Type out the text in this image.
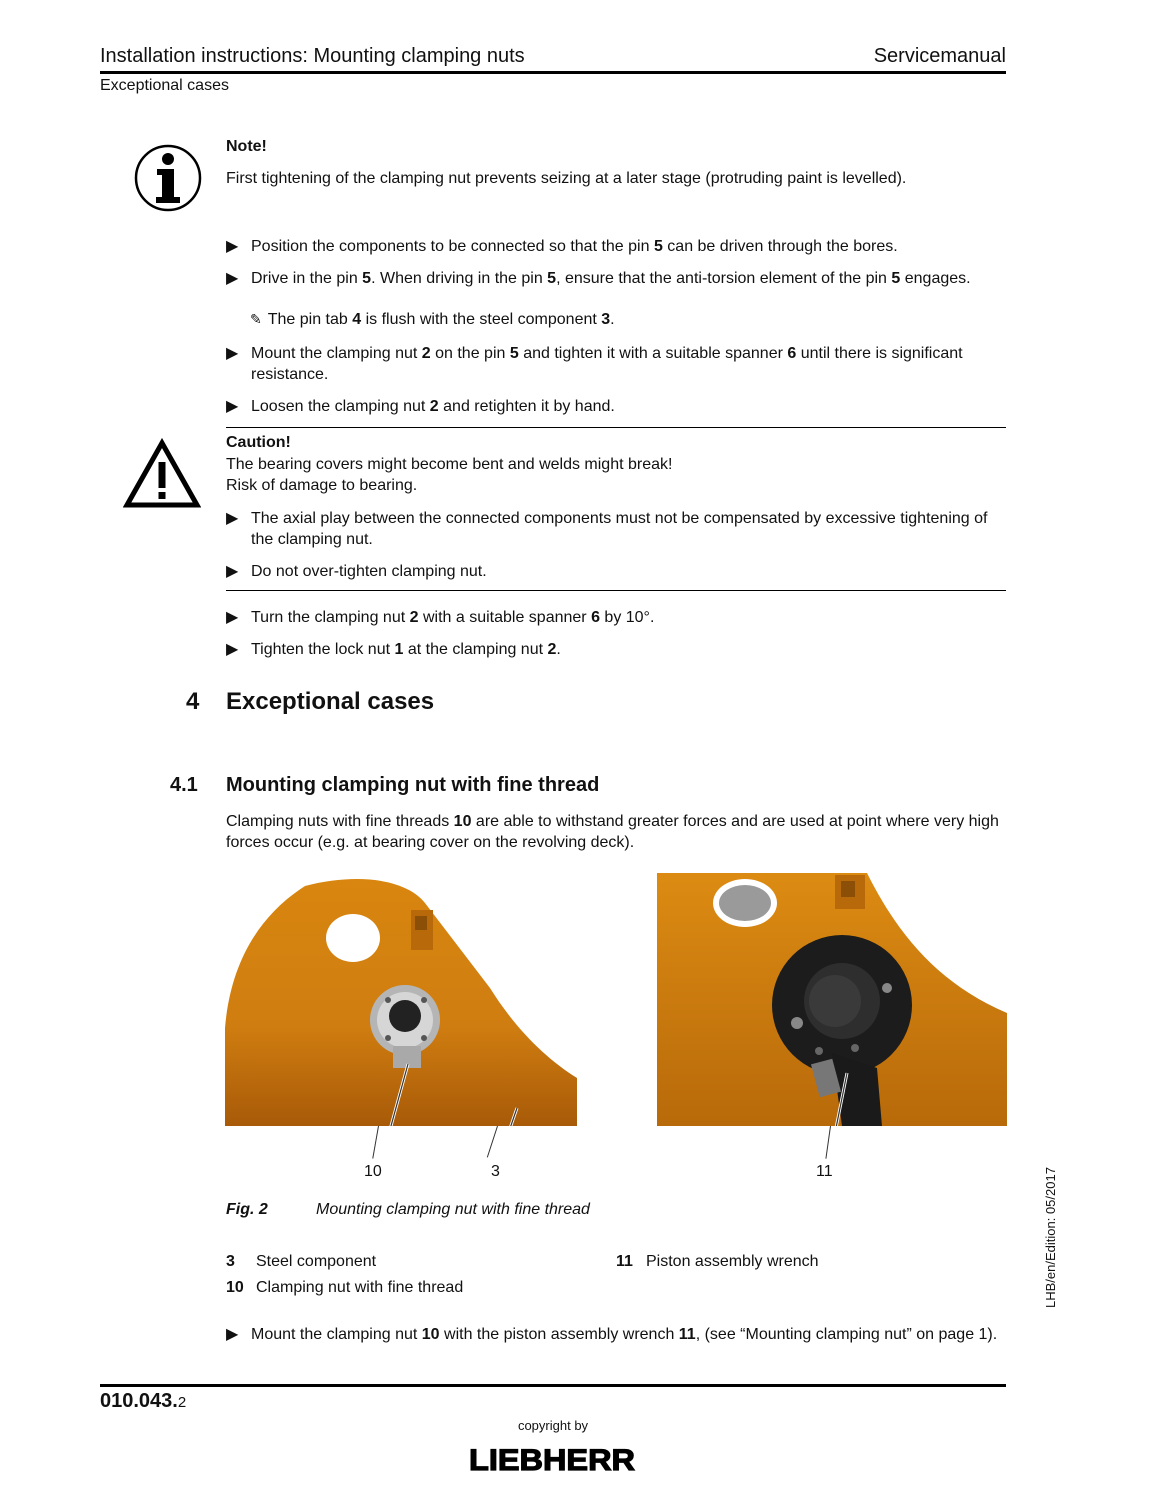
Installation instructions: Mounting clamping nuts	Servicemanual
Exceptional cases
Note!
First tightening of the clamping nut prevents seizing at a later stage (protruding paint is levelled).
▶ Position the components to be connected so that the pin 5 can be driven through the bores.
▶ Drive in the pin 5. When driving in the pin 5, ensure that the anti-torsion element of the pin 5 engages.
✎ The pin tab 4 is flush with the steel component 3.
▶ Mount the clamping nut 2 on the pin 5 and tighten it with a suitable spanner 6 until there is significant resistance.
▶ Loosen the clamping nut 2 and retighten it by hand.
Caution!
The bearing covers might become bent and welds might break!
Risk of damage to bearing.
▶ The axial play between the connected components must not be compensated by excessive tightening of the clamping nut.
▶ Do not over-tighten clamping nut.
▶ Turn the clamping nut 2 with a suitable spanner 6 by 10°.
▶ Tighten the lock nut 1 at the clamping nut 2.
4 Exceptional cases
4.1 Mounting clamping nut with fine thread
Clamping nuts with fine threads 10 are able to withstand greater forces and are used at point where very high forces occur (e.g. at bearing cover on the revolving deck).
10	3	11
Fig. 2	Mounting clamping nut with fine thread
3 Steel component
10 Clamping nut with fine thread
11 Piston assembly wrench
▶ Mount the clamping nut 10 with the piston assembly wrench 11, (see “Mounting clamping nut” on page 1).
LHB/en/Edition: 05/2017
010.043.2
copyright by
LIEBHERR
